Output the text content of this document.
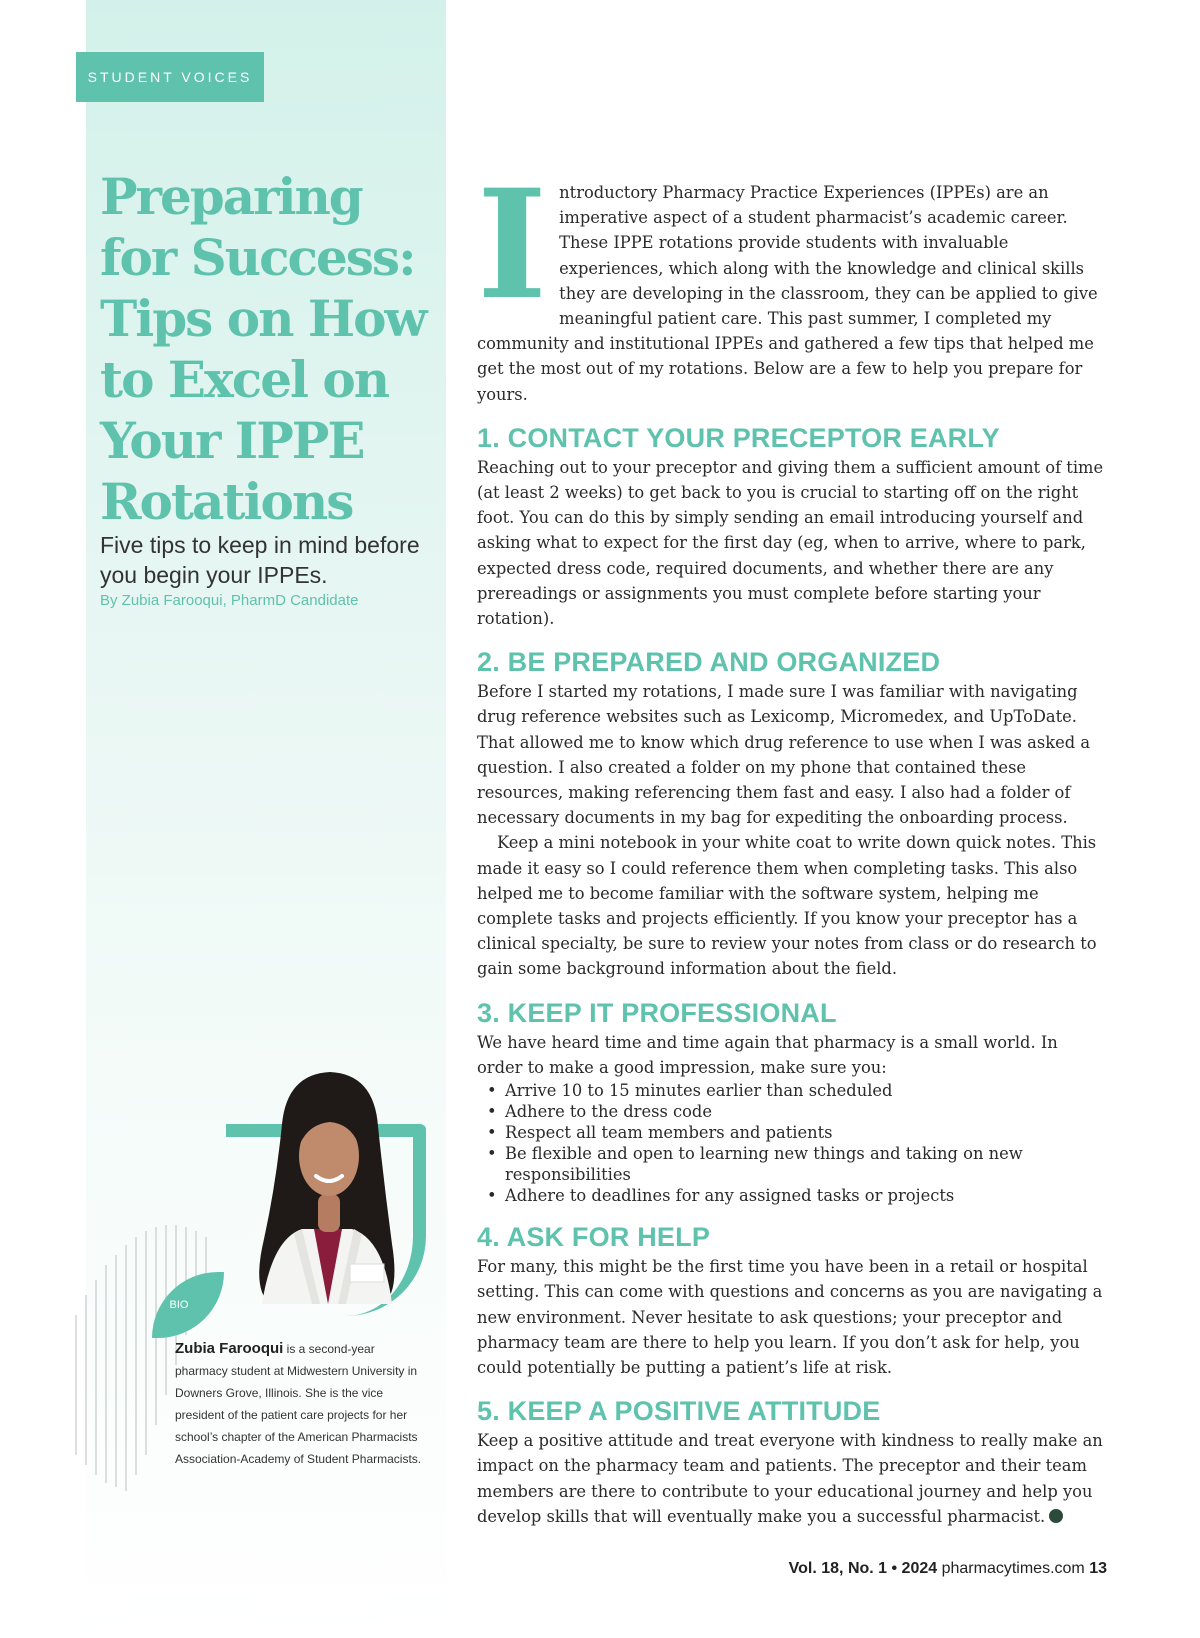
STUDENT VOICES
Preparing for Success: Tips on How to Excel on Your IPPE Rotations

Five tips to keep in mind before you begin your IPPEs.

By Zubia Farooqui, PharmD Candidate

BIO

Zubia Farooqui is a second-year pharmacy student at Midwestern University in Downers Grove, Illinois. She is the vice president of the patient care projects for her school’s chapter of the American Pharmacists Association-Academy of Student Pharmacists.

Introductory Pharmacy Practice Experiences (IPPEs) are an imperative aspect of a student pharmacist’s academic career. These IPPE rotations provide students with invaluable experiences, which along with the knowledge and clinical skills they are developing in the classroom, they can be applied to give meaningful patient care. This past summer, I completed my community and institutional IPPEs and gathered a few tips that helped me get the most out of my rotations. Below are a few to help you prepare for yours.

1. CONTACT YOUR PRECEPTOR EARLY

Reaching out to your preceptor and giving them a sufficient amount of time (at least 2 weeks) to get back to you is crucial to starting off on the right foot. You can do this by simply sending an email introducing yourself and asking what to expect for the first day (eg, when to arrive, where to park, expected dress code, required documents, and whether there are any prereadings or assignments you must complete before starting your rotation).

2. BE PREPARED AND ORGANIZED

Before I started my rotations, I made sure I was familiar with navigating drug reference websites such as Lexicomp, Micromedex, and UpToDate. That allowed me to know which drug reference to use when I was asked a question. I also created a folder on my phone that contained these resources, making referencing them fast and easy. I also had a folder of necessary documents in my bag for expediting the onboarding process.

Keep a mini notebook in your white coat to write down quick notes. This made it easy so I could reference them when completing tasks. This also helped me to become familiar with the software system, helping me complete tasks and projects efficiently. If you know your preceptor has a clinical specialty, be sure to review your notes from class or do research to gain some background information about the field.

3. KEEP IT PROFESSIONAL

We have heard time and time again that pharmacy is a small world. In order to make a good impression, make sure you:

• Arrive 10 to 15 minutes earlier than scheduled
• Adhere to the dress code
• Respect all team members and patients
• Be flexible and open to learning new things and taking on new responsibilities
• Adhere to deadlines for any assigned tasks or projects
4. ASK FOR HELP

For many, this might be the first time you have been in a retail or hospital setting. This can come with questions and concerns as you are navigating a new environment. Never hesitate to ask questions; your preceptor and pharmacy team are there to help you learn. If you don’t ask for help, you could potentially be putting a patient’s life at risk.

5. KEEP A POSITIVE ATTITUDE

Keep a positive attitude and treat everyone with kindness to really make an impact on the pharmacy team and patients. The preceptor and their team members are there to contribute to your educational journey and help you develop skills that will eventually make you a successful pharmacist.

Vol. 18, No. 1 • 2024 pharmacytimes.com 13
